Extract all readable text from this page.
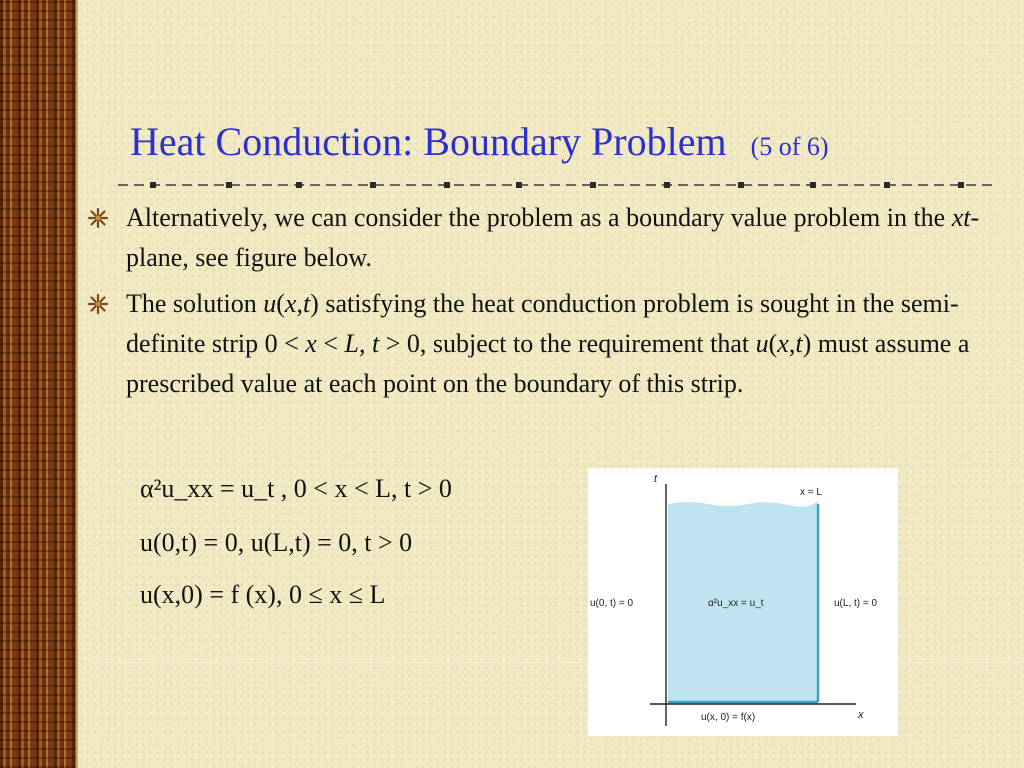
Heat Conduction: Boundary Problem (5 of 6)
Alternatively, we can consider the problem as a boundary value problem in the xt-plane, see figure below.
The solution u(x,t) satisfying the heat conduction problem is sought in the semi-definite strip 0 < x < L, t > 0, subject to the requirement that u(x,t) must assume a prescribed value at each point on the boundary of this strip.
α²u_xx = u_t , 0 < x < L, t > 0
u(0,t) = 0, u(L,t) = 0, t > 0
u(x,0) = f (x), 0 ≤ x ≤ L
t
x
x = L
u(0, t) = 0	u(L, t) = 0
α²u_xx = u_t
u(x, 0) = f(x)
